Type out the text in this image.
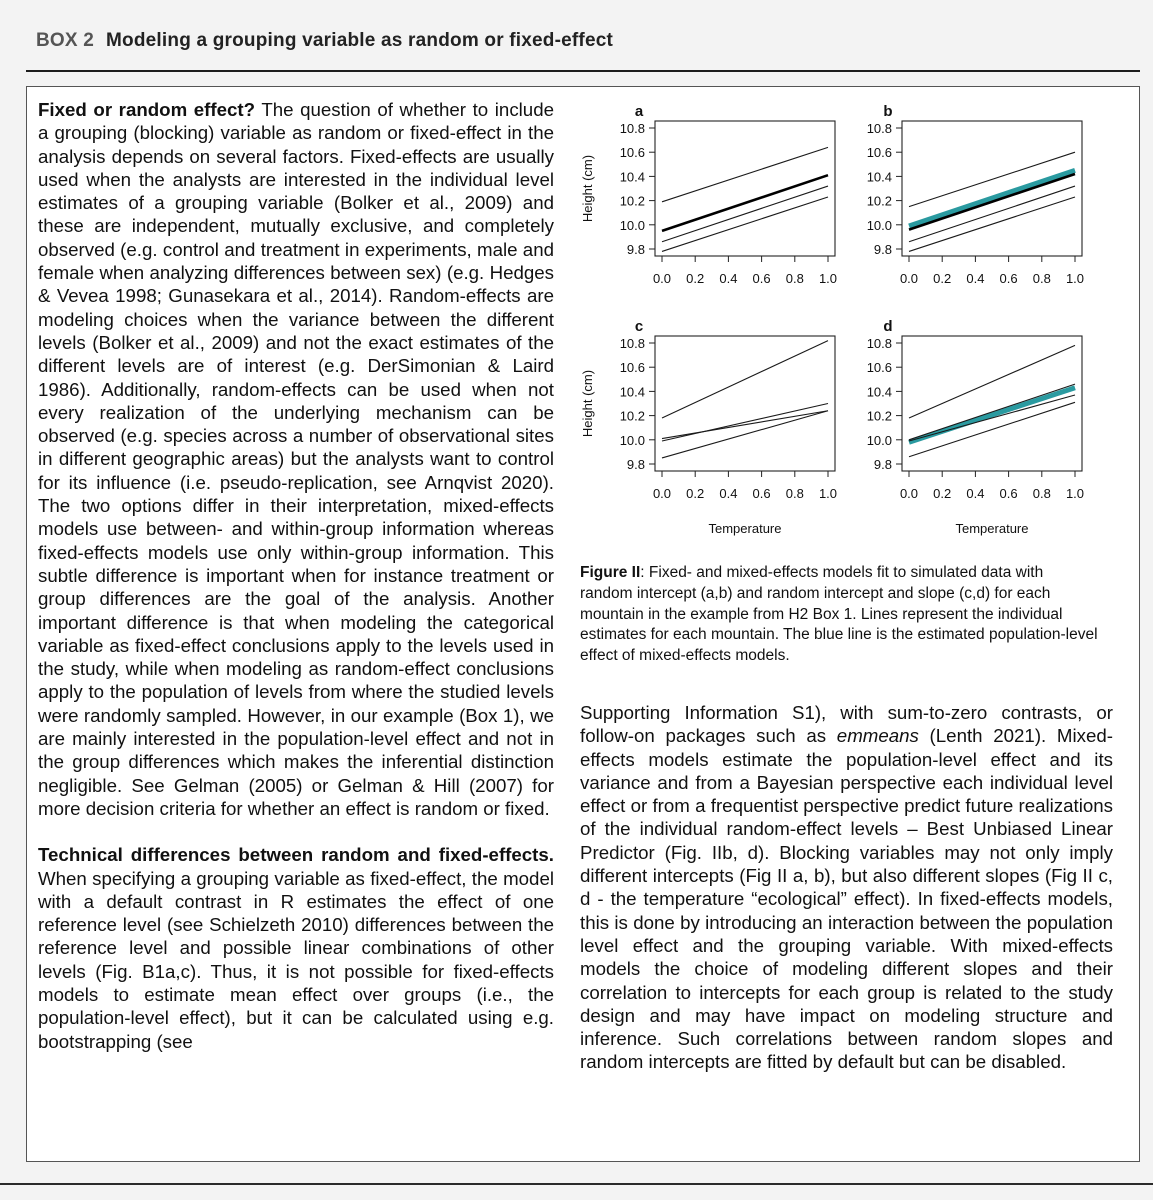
BOX 2 Modeling a grouping variable as random or fixed-effect

Fixed or random effect? The question of whether to include a grouping (blocking) variable as random or fixed-effect in the analysis depends on several factors. Fixed-effects are usually used when the analysts are interested in the individual level estimates of a grouping variable (Bolker et al., 2009) and these are independent, mutually exclusive, and completely observed (e.g. control and treatment in experiments, male and female when analyzing differences between sex) (e.g. Hedges & Vevea 1998; Gunasekara et al., 2014). Random-effects are modeling choices when the variance between the different levels (Bolker et al., 2009) and not the exact estimates of the different levels are of interest (e.g. DerSimonian & Laird 1986). Additionally, random-effects can be used when not every realization of the underlying mechanism can be observed (e.g. species across a number of observational sites in different geographic areas) but the analysts want to control for its influence (i.e. pseudo-replication, see Arnqvist 2020). The two options differ in their interpretation, mixed-effects models use between- and within-group information whereas fixed-effects models use only within-group information. This subtle difference is important when for instance treatment or group differences are the goal of the analysis. Another important difference is that when modeling the categorical variable as fixed-effect conclusions apply to the levels used in the study, while when modeling as random-effect conclusions apply to the population of levels from where the studied levels were randomly sampled. However, in our example (Box 1), we are mainly interested in the population-level effect and not in the group differences which makes the inferential distinction negligible. See Gelman (2005) or Gelman & Hill (2007) for more decision criteria for whether an effect is random or fixed.

Technical differences between random and fixed-effects. When specifying a grouping variable as fixed-effect, the model with a default contrast in R estimates the effect of one reference level (see Schielzeth 2010) differences between the reference level and possible linear combinations of other levels (Fig. B1a,c). Thus, it is not possible for fixed-effects models to estimate mean effect over groups (i.e., the population-level effect), but it can be calculated using e.g. bootstrapping (see

9.8
10.0
10.2
10.4
10.6
10.8
0.0 0.2 0.4 0.6 0.8 1.0
a
Height (cm)
9.8
10.0
10.2
10.4
10.6
10.8
0.0 0.2 0.4 0.6 0.8 1.0
b
9.8
10.0
10.2
10.4
10.6
10.8
0.0 0.2 0.4 0.6 0.8 1.0
c
Height (cm)
Temperature
9.8
10.0
10.2
10.4
10.6
10.8
0.0 0.2 0.4 0.6 0.8 1.0
d
Temperature
Figure II: Fixed- and mixed-effects models fit to simulated data with random intercept (a,b) and random intercept and slope (c,d) for each mountain in the example from H2 Box 1. Lines represent the individual estimates for each mountain. The blue line is the estimated population-level effect of mixed-effects models.

Supporting Information S1), with sum-to-zero contrasts, or follow-on packages such as emmeans (Lenth 2021). Mixed-effects models estimate the population-level effect and its variance and from a Bayesian perspective each individual level effect or from a frequentist perspective predict future realizations of the individual random-effect levels – Best Unbiased Linear Predictor (Fig. IIb, d). Blocking variables may not only imply different intercepts (Fig II a, b), but also different slopes (Fig II c, d - the temperature “ecological” effect). In fixed-effects models, this is done by introducing an interaction between the population level effect and the grouping variable. With mixed-effects models the choice of modeling different slopes and their correlation to intercepts for each group is related to the study design and may have impact on modeling structure and inference. Such correlations between random slopes and random intercepts are fitted by default but can be disabled.
